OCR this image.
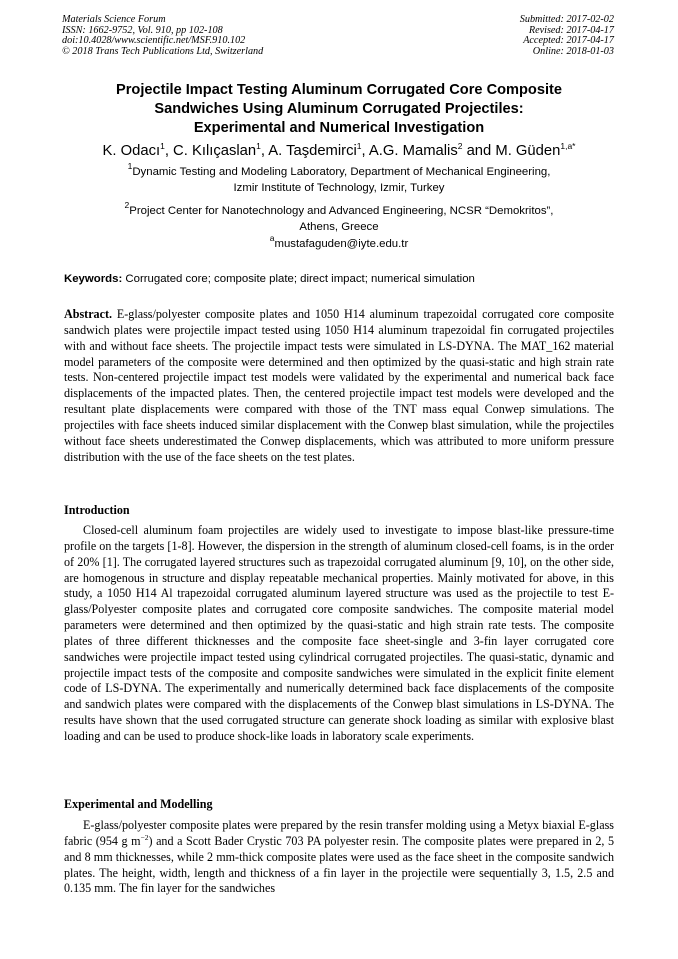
Materials Science Forum
ISSN: 1662-9752, Vol. 910, pp 102-108
doi:10.4028/www.scientific.net/MSF.910.102
© 2018 Trans Tech Publications Ltd, Switzerland
Submitted: 2017-02-02
Revised: 2017-04-17
Accepted: 2017-04-17
Online: 2018-01-03
Projectile Impact Testing Aluminum Corrugated Core Composite
Sandwiches Using Aluminum Corrugated Projectiles:
Experimental and Numerical Investigation
K. Odacı$^1$, C. Kılıçaslan$^1$, A. Taşdemirci$^1$, A.G. Mamalis$^2$ and M. Güden$^{1,a*}$
$^1$Dynamic Testing and Modeling Laboratory, Department of Mechanical Engineering,
Izmir Institute of Technology, Izmir, Turkey
$^2$Project Center for Nanotechnology and Advanced Engineering, NCSR “Demokritos”,
Athens, Greece
$^a$mustafaguden@iyte.edu.tr
Keywords: Corrugated core; composite plate; direct impact; numerical simulation
Abstract. E-glass/polyester composite plates and 1050 H14 aluminum trapezoidal corrugated core composite sandwich plates were projectile impact tested using 1050 H14 aluminum trapezoidal fin corrugated projectiles with and without face sheets. The projectile impact tests were simulated in LS-DYNA. The MAT_162 material model parameters of the composite were determined and then optimized by the quasi-static and high strain rate tests. Non-centered projectile impact test models were validated by the experimental and numerical back face displacements of the impacted plates. Then, the centered projectile impact test models were developed and the resultant plate displacements were compared with those of the TNT mass equal Conwep simulations. The projectiles with face sheets induced similar displacement with the Conwep blast simulation, while the projectiles without face sheets underestimated the Conwep displacements, which was attributed to more uniform pressure distribution with the use of the face sheets on the test plates.
Introduction
Closed-cell aluminum foam projectiles are widely used to investigate to impose blast-like pressure-time profile on the targets [1-8]. However, the dispersion in the strength of aluminum closed-cell foams, is in the order of 20% [1]. The corrugated layered structures such as trapezoidal corrugated aluminum [9, 10], on the other side, are homogenous in structure and display repeatable mechanical properties. Mainly motivated for above, in this study, a 1050 H14 Al trapezoidal corrugated aluminum layered structure was used as the projectile to test E-glass/Polyester composite plates and corrugated core composite sandwiches. The composite material model parameters were determined and then optimized by the quasi-static and high strain rate tests. The composite plates of three different thicknesses and the composite face sheet-single and 3-fin layer corrugated core sandwiches were projectile impact tested using cylindrical corrugated projectiles. The quasi-static, dynamic and projectile impact tests of the composite and composite sandwiches were simulated in the explicit finite element code of LS-DYNA. The experimentally and numerically determined back face displacements of the composite and sandwich plates were compared with the displacements of the Conwep blast simulations in LS-DYNA. The results have shown that the used corrugated structure can generate shock loading as similar with explosive blast loading and can be used to produce shock-like loads in laboratory scale experiments.
Experimental and Modelling
E-glass/polyester composite plates were prepared by the resin transfer molding using a Metyx biaxial E-glass fabric (954 g $m^{-2}$) and a Scott Bader Crystic 703 PA polyester resin. The composite plates were prepared in 2, 5 and 8 mm thicknesses, while 2 mm-thick composite plates were used as the face sheet in the composite sandwich plates. The height, width, length and thickness of a fin layer in the projectile were sequentially 3, 1.5, 2.5 and 0.135 mm. The fin layer for the sandwiches
